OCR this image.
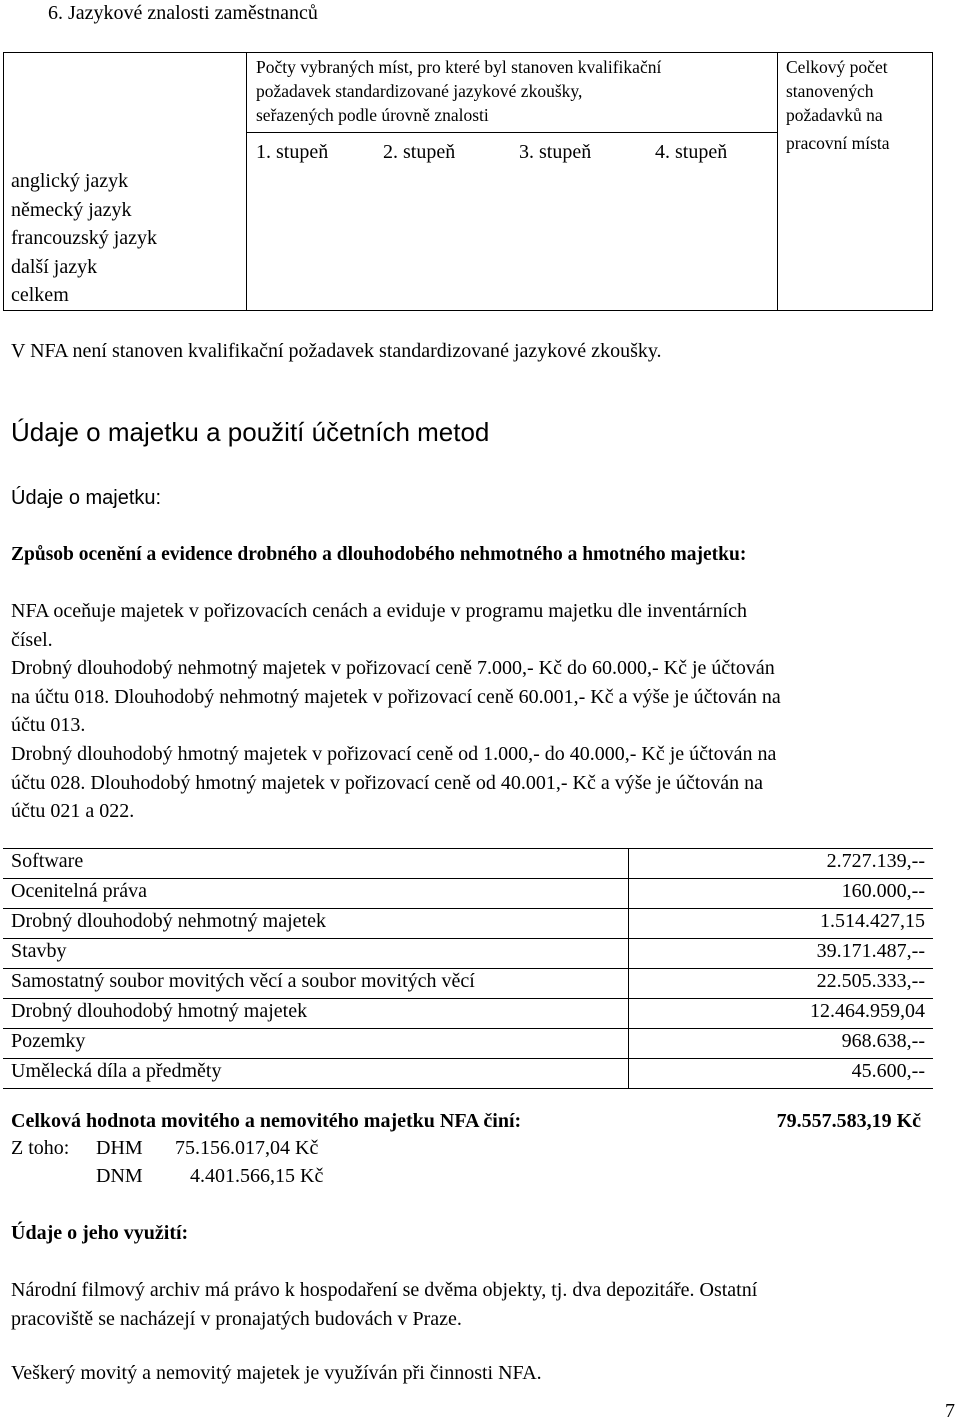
6. Jazykové znalosti zaměstnanců
Počty vybraných míst, pro které byl stanoven kvalifikační
požadavek standardizované jazykové zkoušky,
seřazených podle úrovně znalosti
1. stupeň	2. stupeň	3. stupeň	4. stupeň
Celkový počet
stanovených
požadavků na
pracovní místa
anglický jazyk
německý jazyk
francouzský jazyk
další jazyk
celkem
V NFA není stanoven kvalifikační požadavek standardizované jazykové zkoušky.
Údaje o majetku a použití účetních metod
Údaje o majetku:
Způsob ocenění a evidence drobného a dlouhodobého nehmotného a hmotného majetku:
NFA oceňuje majetek v pořizovacích cenách a eviduje v programu majetku dle inventárních
čísel.
Drobný dlouhodobý nehmotný majetek v pořizovací ceně 7.000,- Kč do 60.000,- Kč je účtován
na účtu 018. Dlouhodobý nehmotný majetek v pořizovací ceně 60.001,- Kč a výše je účtován na
účtu 013.
Drobný dlouhodobý hmotný majetek v pořizovací ceně od 1.000,- do 40.000,- Kč je účtován na
účtu 028. Dlouhodobý hmotný majetek v pořizovací ceně od 40.001,- Kč a výše je účtován na
účtu 021 a 022.
Software	2.727.139,--
Ocenitelná práva	160.000,--
Drobný dlouhodobý nehmotný majetek	1.514.427,15
Stavby	39.171.487,--
Samostatný soubor movitých věcí a soubor movitých věcí	22.505.333,--
Drobný dlouhodobý hmotný majetek	12.464.959,04
Pozemky	968.638,--
Umělecká díla a předměty	45.600,--
Celková hodnota movitého a nemovitého majetku NFA činí:	79.557.583,19 Kč
Z toho: DHM 75.156.017,04 Kč
DNM 4.401.566,15 Kč
Údaje o jeho využití:
Národní filmový archiv má právo k hospodaření se dvěma objekty, tj. dva depozitáře. Ostatní
pracoviště se nacházejí v pronajatých budovách v Praze.
Veškerý movitý a nemovitý majetek je využíván při činnosti NFA.
7
